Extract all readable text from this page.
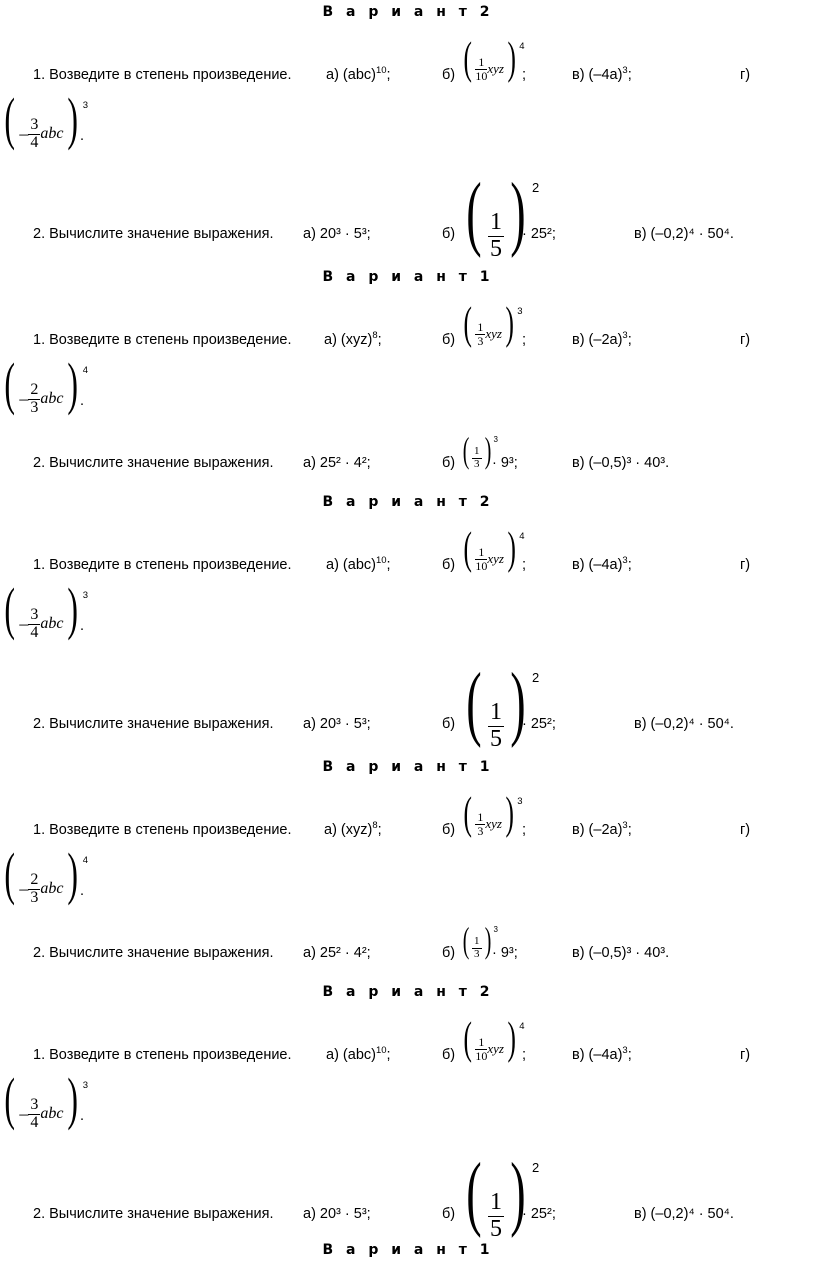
В а р и а н т 2
1. Возведите в степень произведение. а) (abc)$^{10}$;	б) ( $\frac{1}{10} xyz$) $^4$
;	в) $(-4a)^3$;	г)
( – $\frac{3}{4} abc$) $^3$
.
2. Вычислите значение выражения. а) 20³ · 5³;	б) ( $\frac{1}{5}$ ) $^2$
· 25²;	в) (–0,2)⁴ · 50⁴.
В а р и а н т 1
1. Возведите в степень произведение. а) (xyz)$^8$;	б) ( $\frac{1}{3} xyz$) $^3$
;	в) $(-2a)^3$;	г)
( – $\frac{2}{3} abc$) $^4$
.
2. Вычислите значение выражения. а) 25² · 4²;	б) ( $\frac{1}{3}$ ) $^3$
· 9³;	в) (–0,5)³ · 40³.
В а р и а н т 2
1. Возведите в степень произведение. а) (abc)$^{10}$;	б) ( $\frac{1}{10} xyz$) $^4$
;	в) $(-4a)^3$;	г)
( – $\frac{3}{4} abc$) $^3$
.
2. Вычислите значение выражения. а) 20³ · 5³;	б) ( $\frac{1}{5}$ ) $^2$
· 25²;	в) (–0,2)⁴ · 50⁴.
В а р и а н т 1
1. Возведите в степень произведение. а) (xyz)$^8$;	б) ( $\frac{1}{3} xyz$) $^3$
;	в) $(-2a)^3$;	г)
( – $\frac{2}{3} abc$) $^4$
.
2. Вычислите значение выражения. а) 25² · 4²;	б) ( $\frac{1}{3}$ ) $^3$
· 9³;	в) (–0,5)³ · 40³.
В а р и а н т 2
1. Возведите в степень произведение. а) (abc)$^{10}$;	б) ( $\frac{1}{10} xyz$) $^4$
;	в) $(-4a)^3$;	г)
( – $\frac{3}{4} abc$) $^3$
.
2. Вычислите значение выражения. а) 20³ · 5³;	б) ( $\frac{1}{5}$ ) $^2$
· 25²;	в) (–0,2)⁴ · 50⁴.
В а р и а н т 1
